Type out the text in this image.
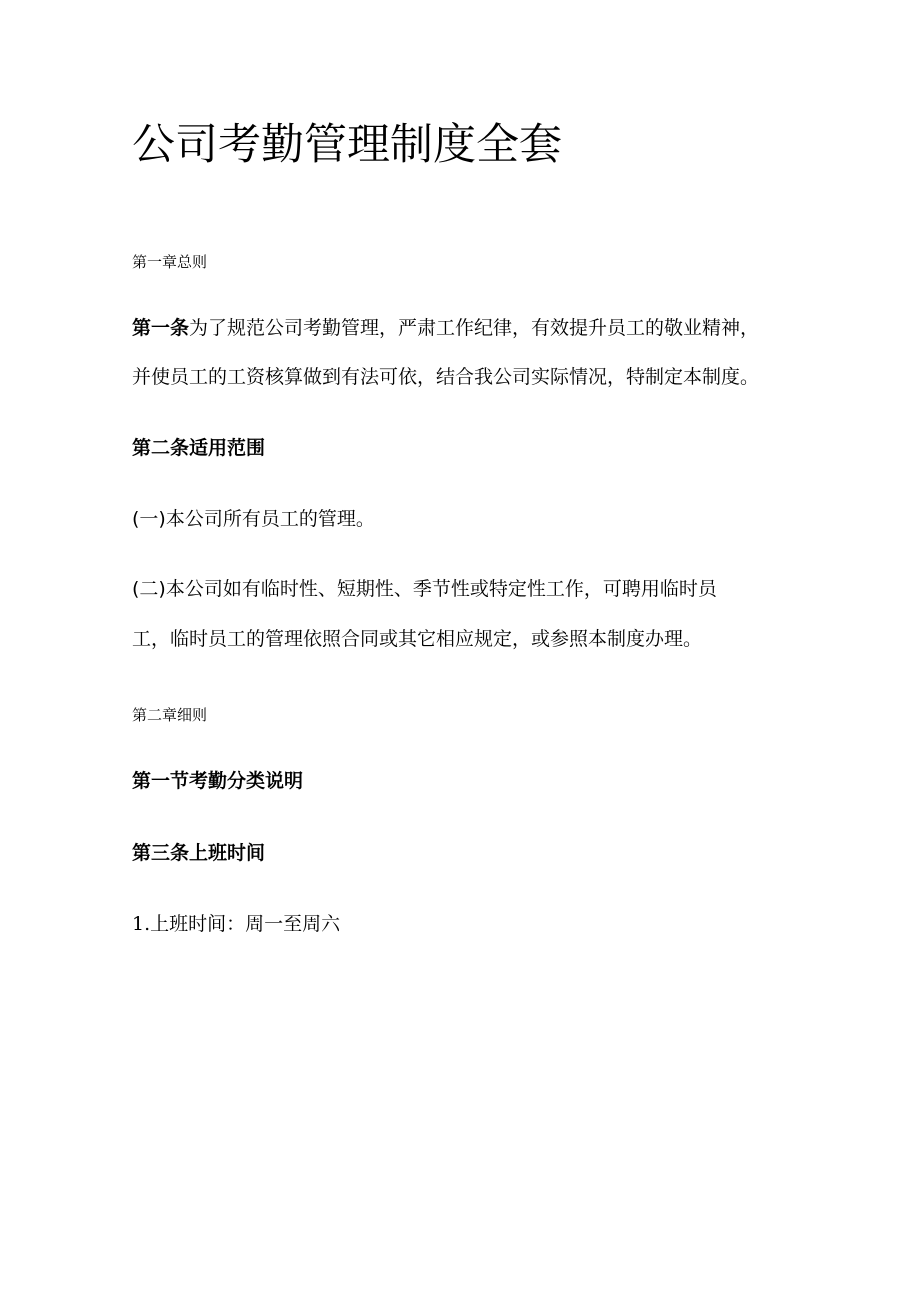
公司考勤管理制度全套
第一章总则
第一条为了规范公司考勤管理，严肃工作纪律，有效提升员工的敬业精神，
并使员工的工资核算做到有法可依，结合我公司实际情况，特制定本制度。
第二条适用范围
(一)本公司所有员工的管理。
(二)本公司如有临时性、短期性、季节性或特定性工作，可聘用临时员
工，临时员工的管理依照合同或其它相应规定，或参照本制度办理。
第二章细则
第一节考勤分类说明
第三条上班时间
1.上班时间：周一至周六
